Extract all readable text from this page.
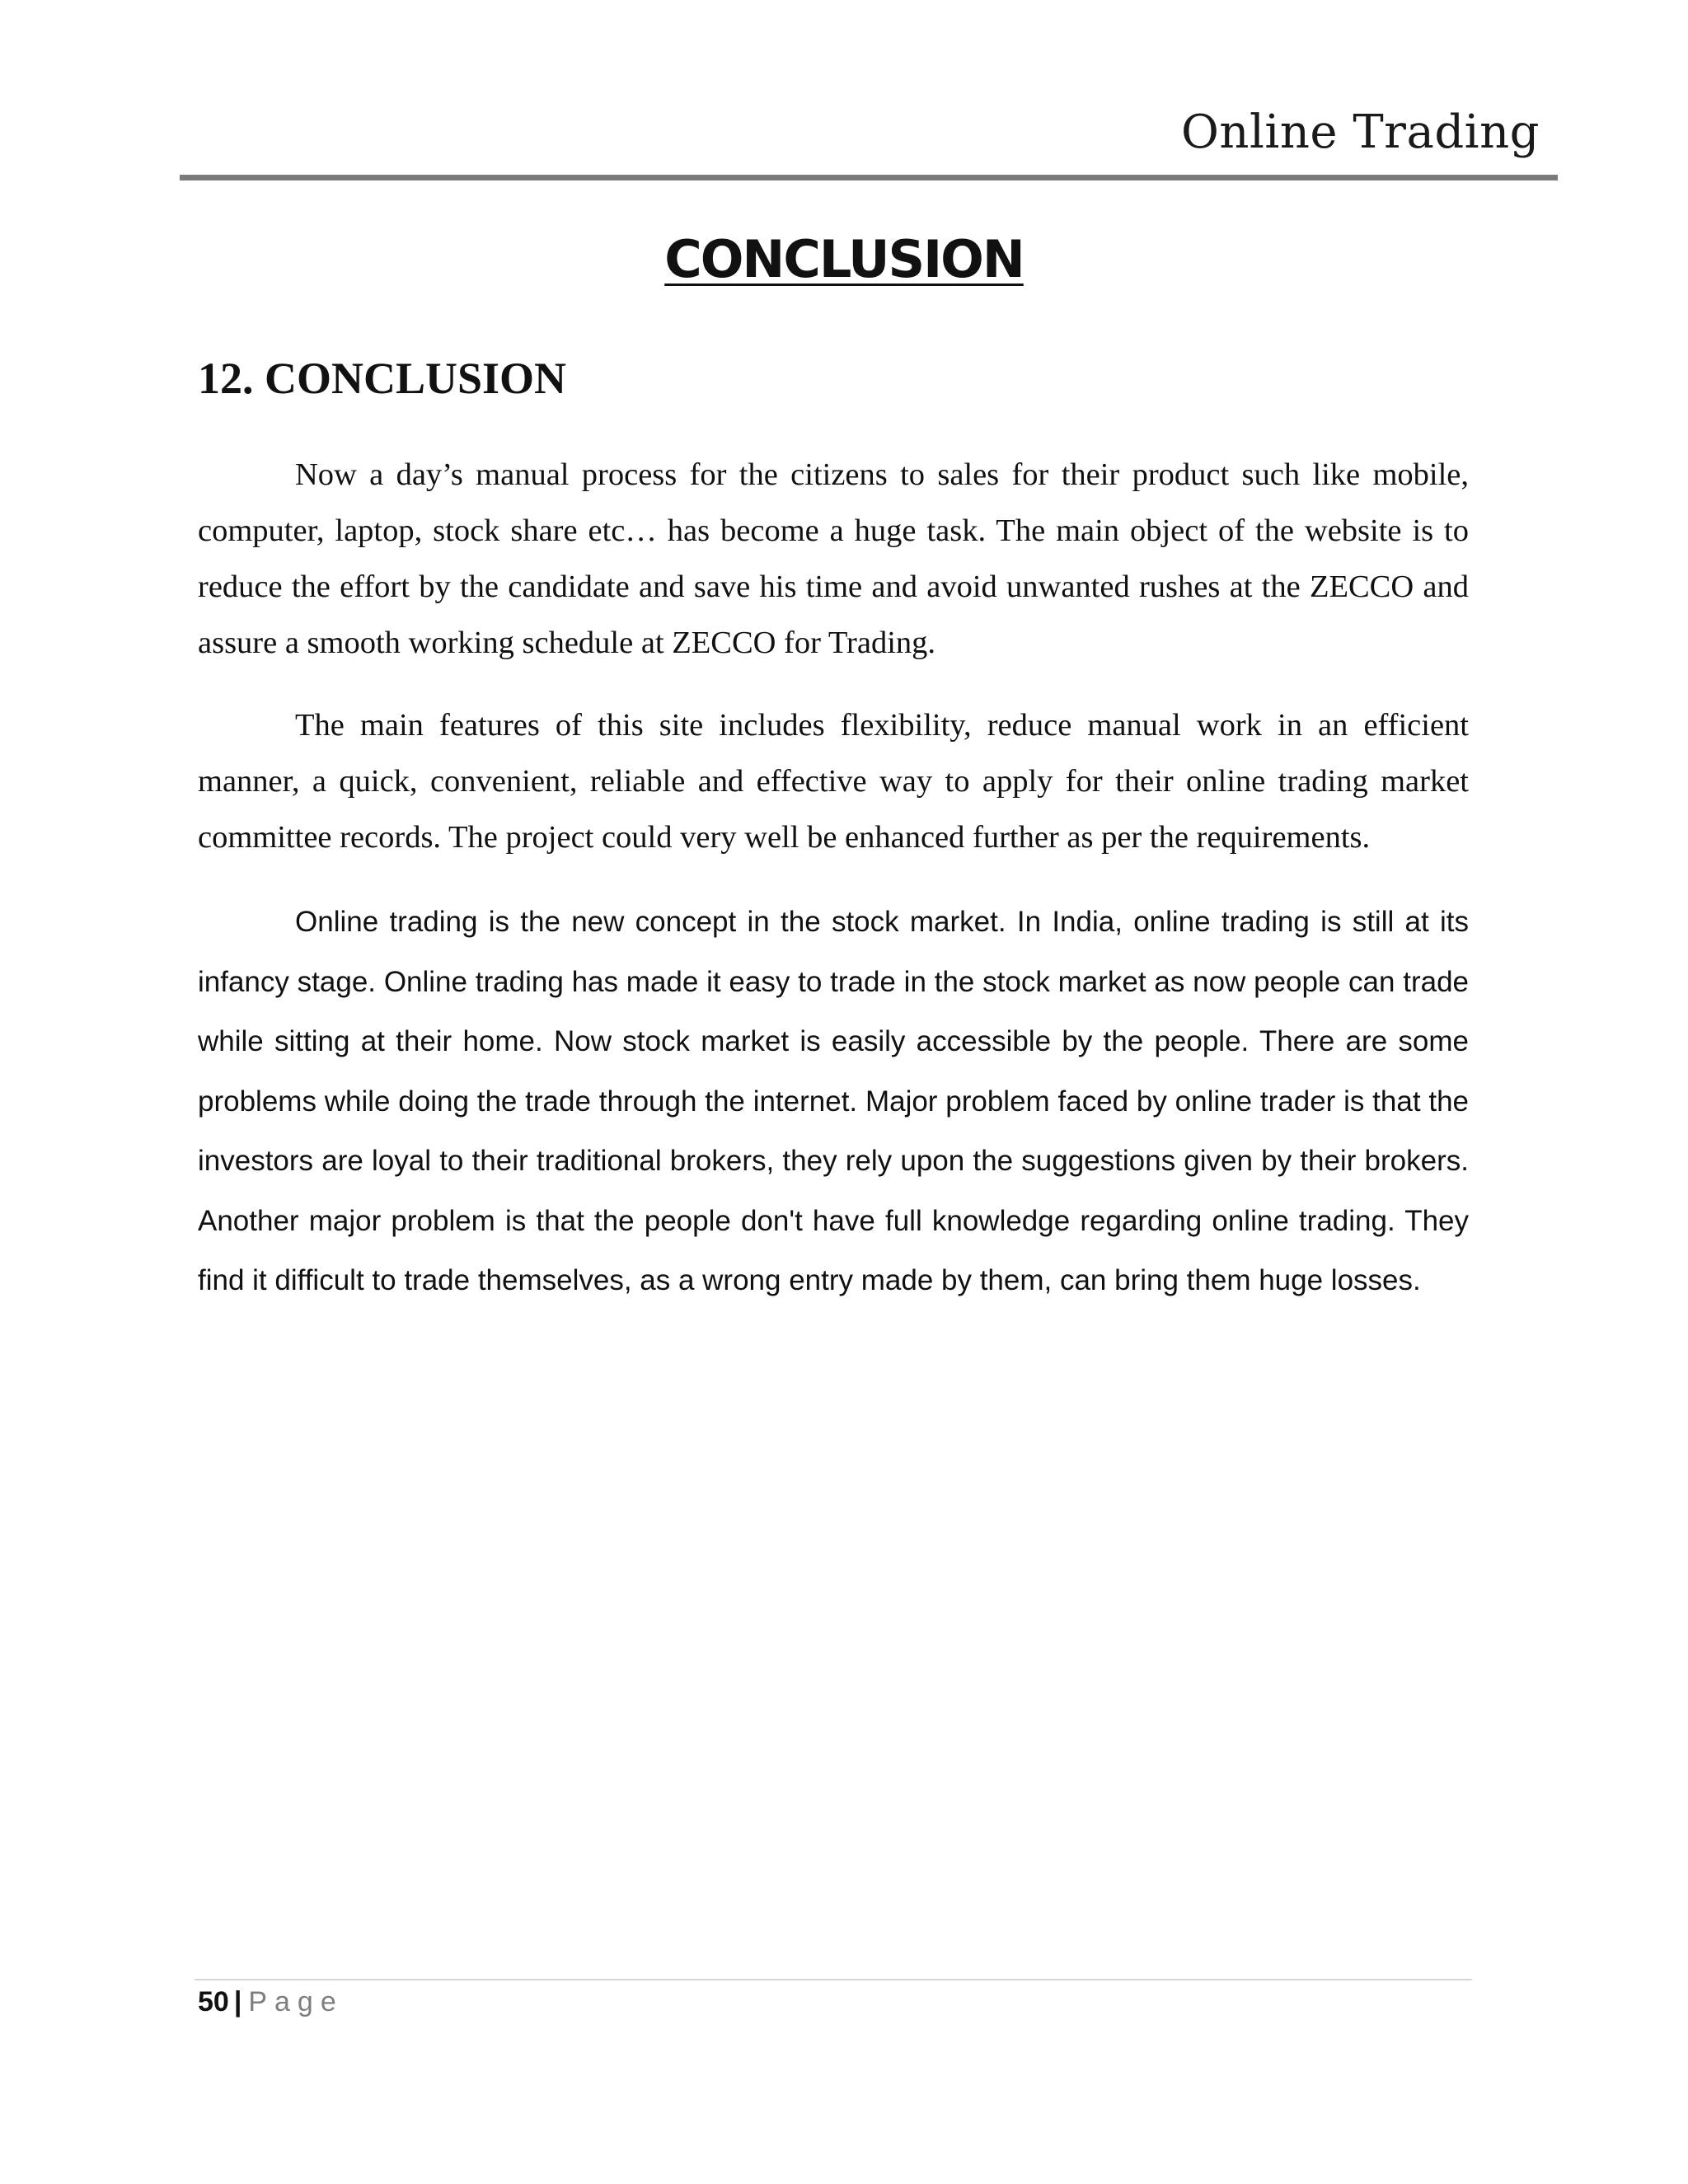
Online Trading
CONCLUSION
12. CONCLUSION

Now a day’s manual process for the citizens to sales for their product such like mobile, computer, laptop, stock share etc… has become a huge task. The main object of the website is to reduce the effort by the candidate and save his time and avoid unwanted rushes at the ZECCO and assure a smooth working schedule at ZECCO for Trading.

The main features of this site includes flexibility, reduce manual work in an efficient manner, a quick, convenient, reliable and effective way to apply for their online trading market committee records. The project could very well be enhanced further as per the requirements.

Online trading is the new concept in the stock market. In India, online trading is still at its infancy stage. Online trading has made it easy to trade in the stock market as now people can trade while sitting at their home. Now stock market is easily accessible by the people. There are some problems while doing the trade through the internet. Major problem faced by online trader is that the investors are loyal to their traditional brokers, they rely upon the suggestions given by their brokers. Another major problem is that the people don't have full knowledge regarding online trading. They find it difficult to trade themselves, as a wrong entry made by them, can bring them huge losses.

50 | Page
